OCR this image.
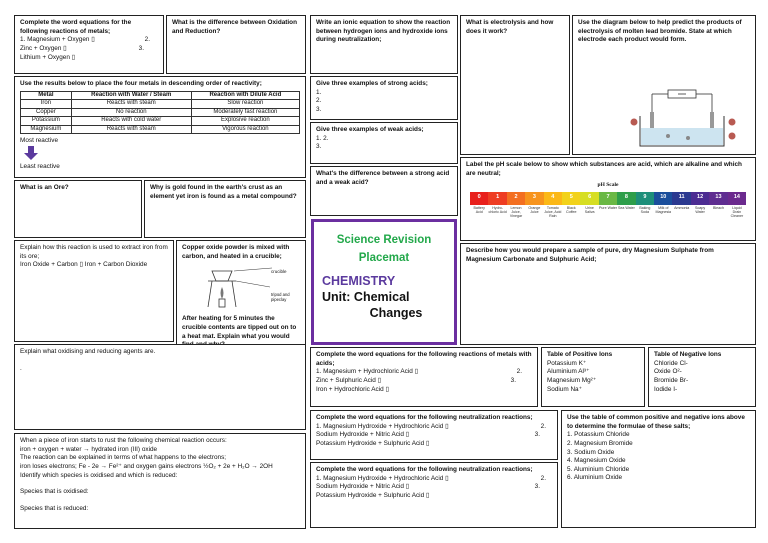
Complete the word equations for the following reactions of metals;
1. Magnesium + Oxygen ▯	2.
Zinc + Oxygen ▯	3.
Lithium + Oxygen ▯
What is the difference between Oxidation and Reduction?
Write an ionic equation to show the reaction between hydrogen ions and hydroxide ions during neutralization;
What is electrolysis and how does it work?
Use the diagram below to help predict the products of electrolysis of molten lead bromide. State at which electrode each product would form.
Use the results below to place the four metals in descending order of reactivity;
Metal	Reaction with Water / Steam	Reaction with Dilute Acid
Iron	Reacts with steam	Slow reaction
Copper	No reaction	Moderately fast reaction
Potassium	Reacts with cold water	Explosive reaction
Magnesium	Reacts with steam	Vigorous reaction
Most reactive
Least reactive
Give three examples of strong acids;
1.
2.
3.
Give three examples of weak acids;
1. 2.
3.
What's the difference between a strong acid and a weak acid?
Label the pH scale below to show which substances are acid, which are alkaline and which are neutral;
pH Scale
0	1	2	3	4	5	6	7	8	9	10	11	12	13	14
Battery Acid
Hydro-chloric Acid
Lemon Juice, Vinegar
Orange Juice
Tomato Juice, Acid Rain
Black Coffee
Urine Saliva
Pure Water Sea Water	Baking Soda
Milk of Magnesia
Ammonia	Soapy Water
Bleach	Liquid Drain Cleaner
What is an Ore?	Why is gold found in the earth's crust as an element yet iron is found as a metal compound?
Science Revision
Placemat
CHEMISTRY
Unit: Chemical
Changes
Describe how you would prepare a sample of pure, dry Magnesium Sulphate from Magnesium Carbonate and Sulphuric Acid;
Explain how this reaction is used to extract iron from its ore;
Iron Oxide + Carbon ▯ Iron + Carbon Dioxide
Copper oxide powder is mixed with carbon, and heated in a crucible;
crucible
tripod and pipeclay
After heating for 5 minutes the crucible contents are tipped out on to a heat mat. Explain what you would
Explain what oxidising and reducing agents are.
.
Complete the word equations for the following reactions of metals with acids;
1. Magnesium + Hydrochloric Acid ▯	2.
Zinc + Sulphuric Acid ▯	3.
Iron + Hydrochloric Acid ▯
Table of Positive Ions
Potassium K⁺
Aluminium Al³⁺
Magnesium Mg²⁺
Sodium Na⁺
Table of Negative Ions
Chloride Cl-
Oxide O²-
Bromide Br-
Iodide I-
Complete the word equations for the following neutralization reactions;
1. Magnesium Hydroxide + Hydrochloric Acid ▯	2.
Sodium Hydroxide + Nitric Acid ▯	3.
Potassium Hydroxide + Sulphuric Acid ▯
Use the table of common positive and negative ions above to determine the formulae of these salts;
1. Potassium Chloride
2. Magnesium Bromide
3. Sodium Oxide
4. Magnesium Oxide
5. Aluminium Chloride
6. Aluminium Oxide
When a piece of iron starts to rust the following chemical reaction occurs:
iron + oxygen + water → hydrated iron (III) oxide
The reaction can be explained in terms of what happens to the electrons;
iron loses electrons; Fe - 2e → Fe²⁺ and oxygen gains electrons ½O₂ + 2e + H₂O → 2OH
Identify which species is oxidised and which is reduced:
Species that is oxidised:
Species that is reduced:
Complete the word equations for the following neutralization reactions;
1. Magnesium Hydroxide + Hydrochloric Acid ▯	2.
Sodium Hydroxide + Nitric Acid ▯	3.
Potassium Hydroxide + Sulphuric Acid ▯
